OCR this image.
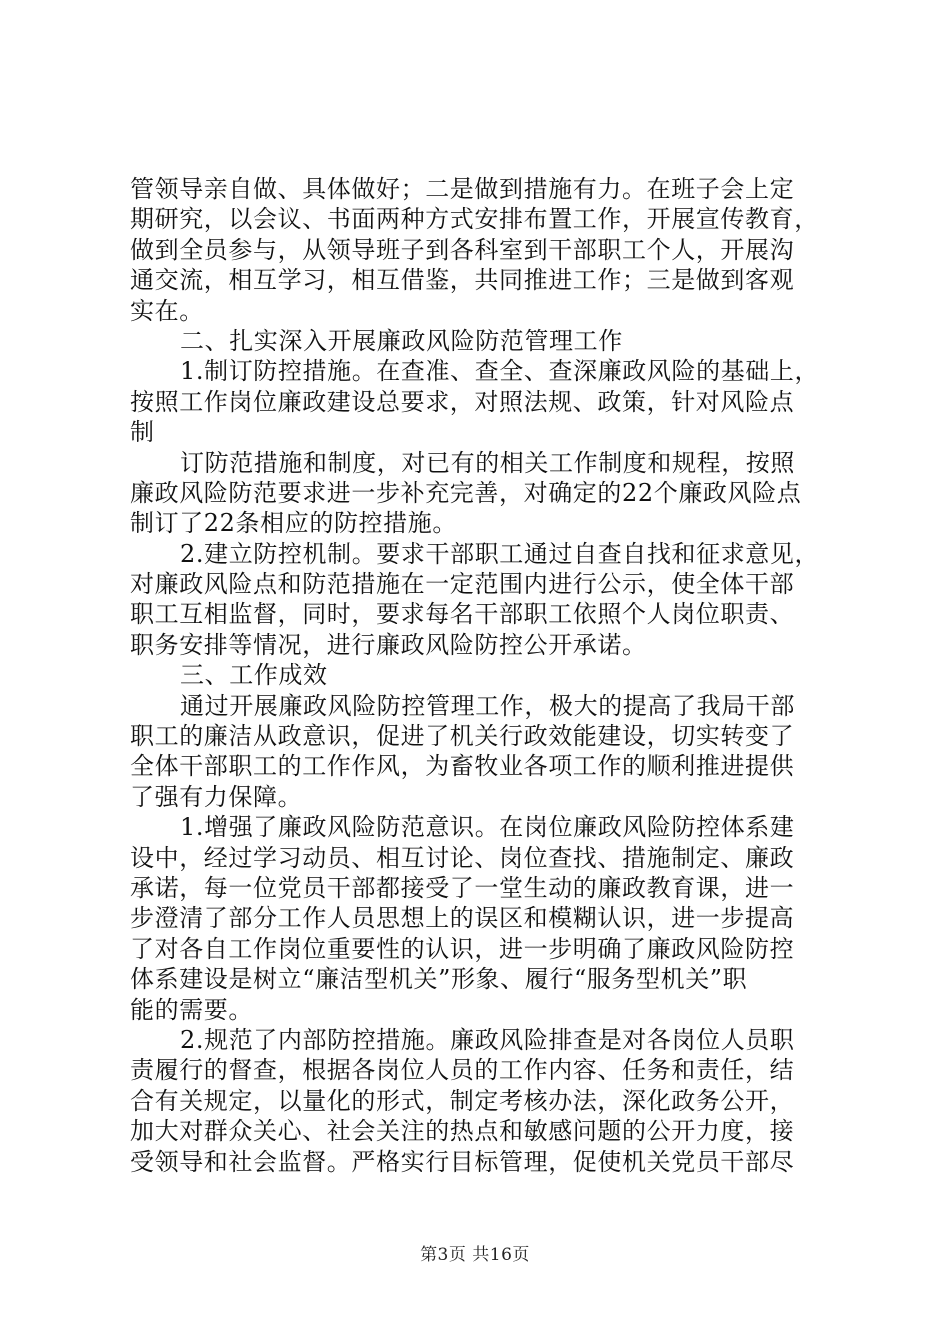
管领导亲自做、具体做好；二是做到措施有力。在班子会上定
期研究，以会议、书面两种方式安排布置工作，开展宣传教育，
做到全员参与，从领导班子到各科室到干部职工个人，开展沟
通交流，相互学习，相互借鉴，共同推进工作；三是做到客观
实在。
二、扎实深入开展廉政风险防范管理工作
1.制订防控措施。在查准、查全、查深廉政风险的基础上，
按照工作岗位廉政建设总要求，对照法规、政策，针对风险点
制
订防范措施和制度，对已有的相关工作制度和规程，按照
廉政风险防范要求进一步补充完善，对确定的22个廉政风险点
制订了22条相应的防控措施。
2.建立防控机制。要求干部职工通过自查自找和征求意见，
对廉政风险点和防范措施在一定范围内进行公示，使全体干部
职工互相监督，同时，要求每名干部职工依照个人岗位职责、
职务安排等情况，进行廉政风险防控公开承诺。
三、工作成效
通过开展廉政风险防控管理工作，极大的提高了我局干部
职工的廉洁从政意识，促进了机关行政效能建设，切实转变了
全体干部职工的工作作风，为畜牧业各项工作的顺利推进提供
了强有力保障。
1.增强了廉政风险防范意识。在岗位廉政风险防控体系建
设中，经过学习动员、相互讨论、岗位查找、措施制定、廉政
承诺，每一位党员干部都接受了一堂生动的廉政教育课，进一
步澄清了部分工作人员思想上的误区和模糊认识，进一步提高
了对各自工作岗位重要性的认识，进一步明确了廉政风险防控
体系建设是树立“廉洁型机关”形象、履行“服务型机关”职
能的需要。
2.规范了内部防控措施。廉政风险排查是对各岗位人员职
责履行的督查，根据各岗位人员的工作内容、任务和责任，结
合有关规定，以量化的形式，制定考核办法，深化政务公开，
加大对群众关心、社会关注的热点和敏感问题的公开力度，接
受领导和社会监督。严格实行目标管理，促使机关党员干部尽
第3页 共16页
